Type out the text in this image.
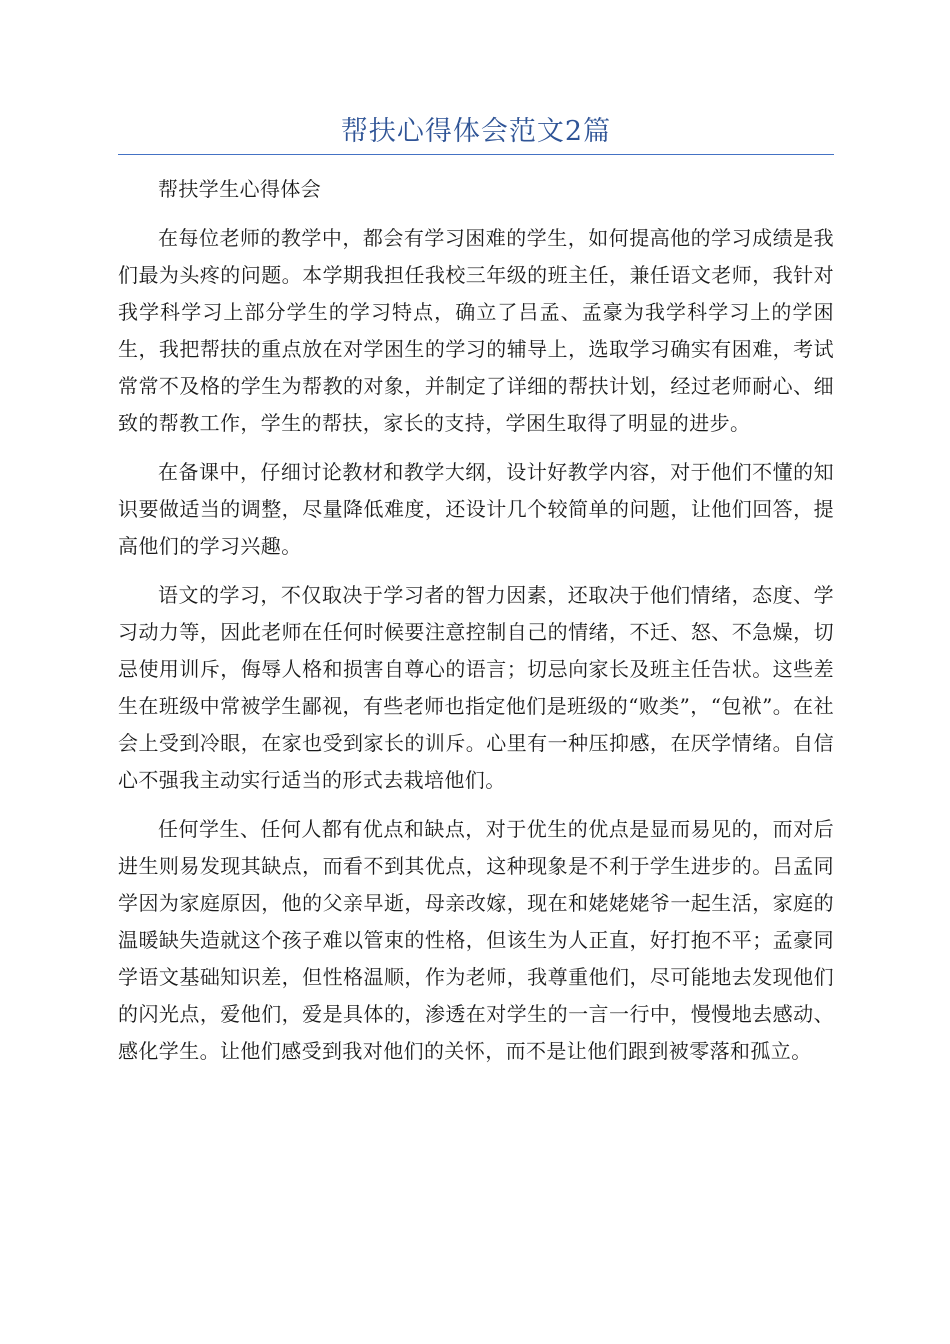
帮扶心得体会范文2篇

帮扶学生心得体会

在每位老师的教学中，都会有学习困难的学生，如何提高他的学习成绩是我们最为头疼的问题。本学期我担任我校三年级的班主任，兼任语文老师，我针对我学科学习上部分学生的学习特点，确立了吕孟、孟豪为我学科学习上的学困生，我把帮扶的重点放在对学困生的学习的辅导上，选取学习确实有困难，考试常常不及格的学生为帮教的对象，并制定了详细的帮扶计划，经过老师耐心、细致的帮教工作，学生的帮扶，家长的支持，学困生取得了明显的进步。

在备课中，仔细讨论教材和教学大纲，设计好教学内容，对于他们不懂的知识要做适当的调整，尽量降低难度，还设计几个较简单的问题，让他们回答，提高他们的学习兴趣。

语文的学习，不仅取决于学习者的智力因素，还取决于他们情绪，态度、学习动力等，因此老师在任何时候要注意控制自己的情绪，不迁、怒、不急燥，切忌使用训斥，侮辱人格和损害自尊心的语言；切忌向家长及班主任告状。这些差生在班级中常被学生鄙视，有些老师也指定他们是班级的“败类”，“包袱”。在社会上受到冷眼，在家也受到家长的训斥。心里有一种压抑感，在厌学情绪。自信心不强我主动实行适当的形式去栽培他们。

任何学生、任何人都有优点和缺点，对于优生的优点是显而易见的，而对后进生则易发现其缺点，而看不到其优点，这种现象是不利于学生进步的。吕孟同学因为家庭原因，他的父亲早逝，母亲改嫁，现在和姥姥姥爷一起生活，家庭的温暖缺失造就这个孩子难以管束的性格，但该生为人正直，好打抱不平；孟豪同学语文基础知识差，但性格温顺，作为老师，我尊重他们，尽可能地去发现他们的闪光点，爱他们，爱是具体的，渗透在对学生的一言一行中，慢慢地去感动、感化学生。让他们感受到我对他们的关怀，而不是让他们跟到被零落和孤立。
